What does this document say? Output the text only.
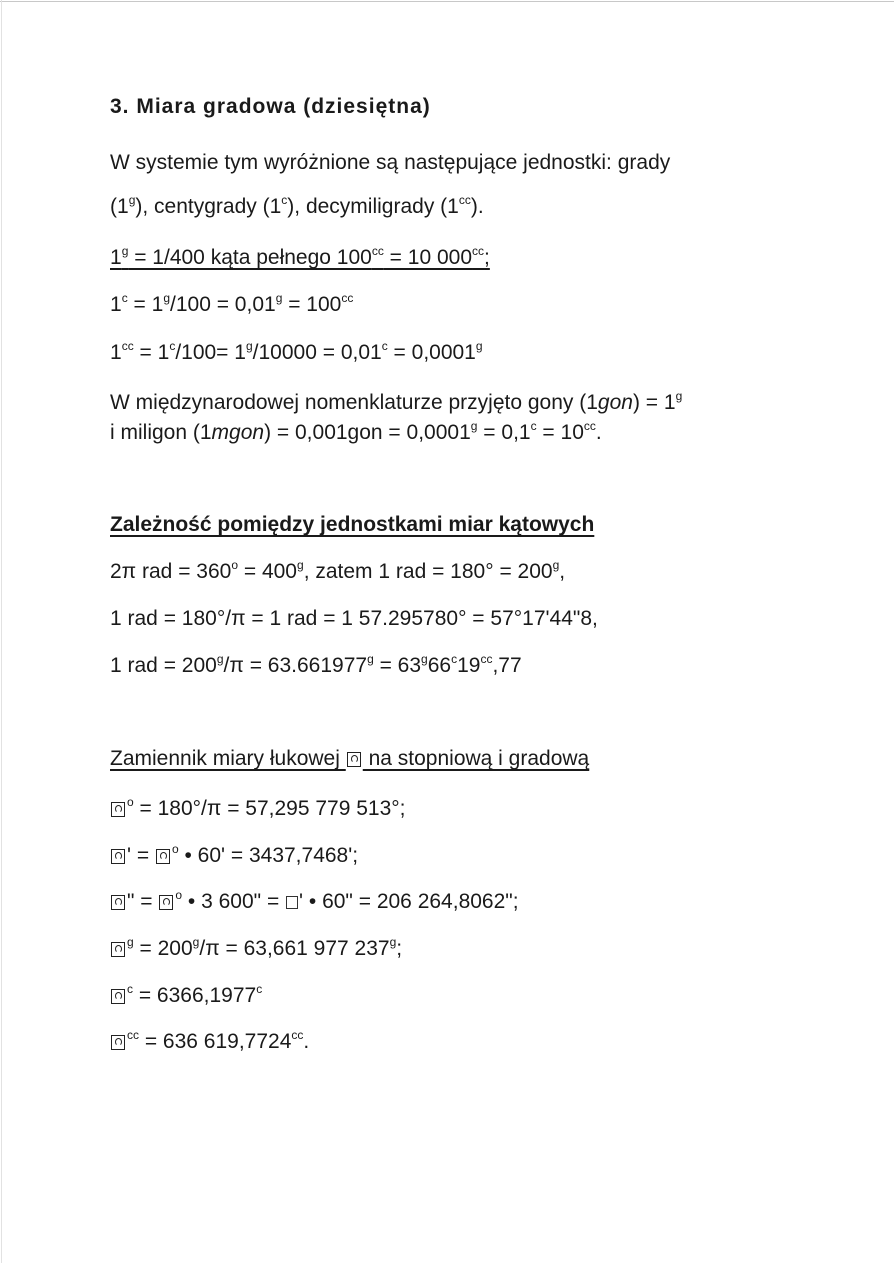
3. Miara gradowa (dziesiętna)
W systemie tym wyróżnione są następujące jednostki: grady
(1$^g$), centygrady (1$^c$), decymiligrady $(1^{cc})$.
$1^g = 1/400$ kąta pełnego $100^{cc} = 10$ $000^{cc}$;
$1^c = 1^g/100 = 0,01^g = 100^{cc}$
$1^{cc} = 1^c/100= 1^g/10000 = 0,01^c = 0,0001^g$
W międzynarodowej nomenklaturze przyjęto gony $(1gon) = 1^g$
i miligon (1mgon) = $0,001gon = 0,0001^g = 0,1^c = 10^{cc}$.
Zależność pomiędzy jednostkami miar kątowych
2π rad = $360^o = 400^g$, zatem 1 rad = $180^\circ = 200^g$,
1 rad = 180°/π = 1 rad = 1 57.295780° = 57°17'44"8,
1 rad = $200^g/\pi = 63.661977^g = 63^g66^c19^{cc},77$
Zamiennik miary łukowej  na stopniową i gradową
$^o$ = 180°/π = 57,295 779 513°;
' = $^o$ • 60' = 3437,7468';
" = $^o$ • 3 600" = ' • 60" = 206 264,8062";
$^g = 200^g/\pi = 63,661$ 977 237$^g$;
$^c$ = 6366,1977$^c$
$^{cc}$ = 636 619,7724$^{cc}$.
